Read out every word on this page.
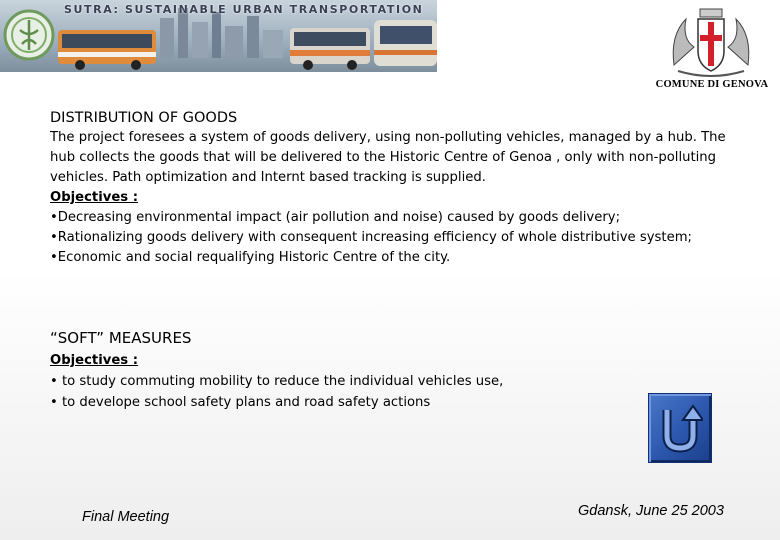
SUTRA: SUSTAINABLE URBAN TRANSPORTATION
COMUNE DI GENOVA
DISTRIBUTION OF GOODS

The project foresees a system of goods delivery, using non-polluting vehicles, managed by a hub. The hub collects the goods that will be delivered to the Historic Centre of Genoa , only with non-polluting vehicles. Path optimization and Internt based tracking is supplied.

Objectives :
•Decreasing environmental impact (air pollution and noise) caused by goods delivery;
•Rationalizing goods delivery with consequent increasing efficiency of whole distributive system;
•Economic and social requalifying Historic Centre of the city.
“SOFT” MEASURES
Objectives :
• to study commuting mobility to reduce the individual vehicles use,
• to develope school safety plans and road safety actions
Final Meeting	Gdansk, June 25 2003
